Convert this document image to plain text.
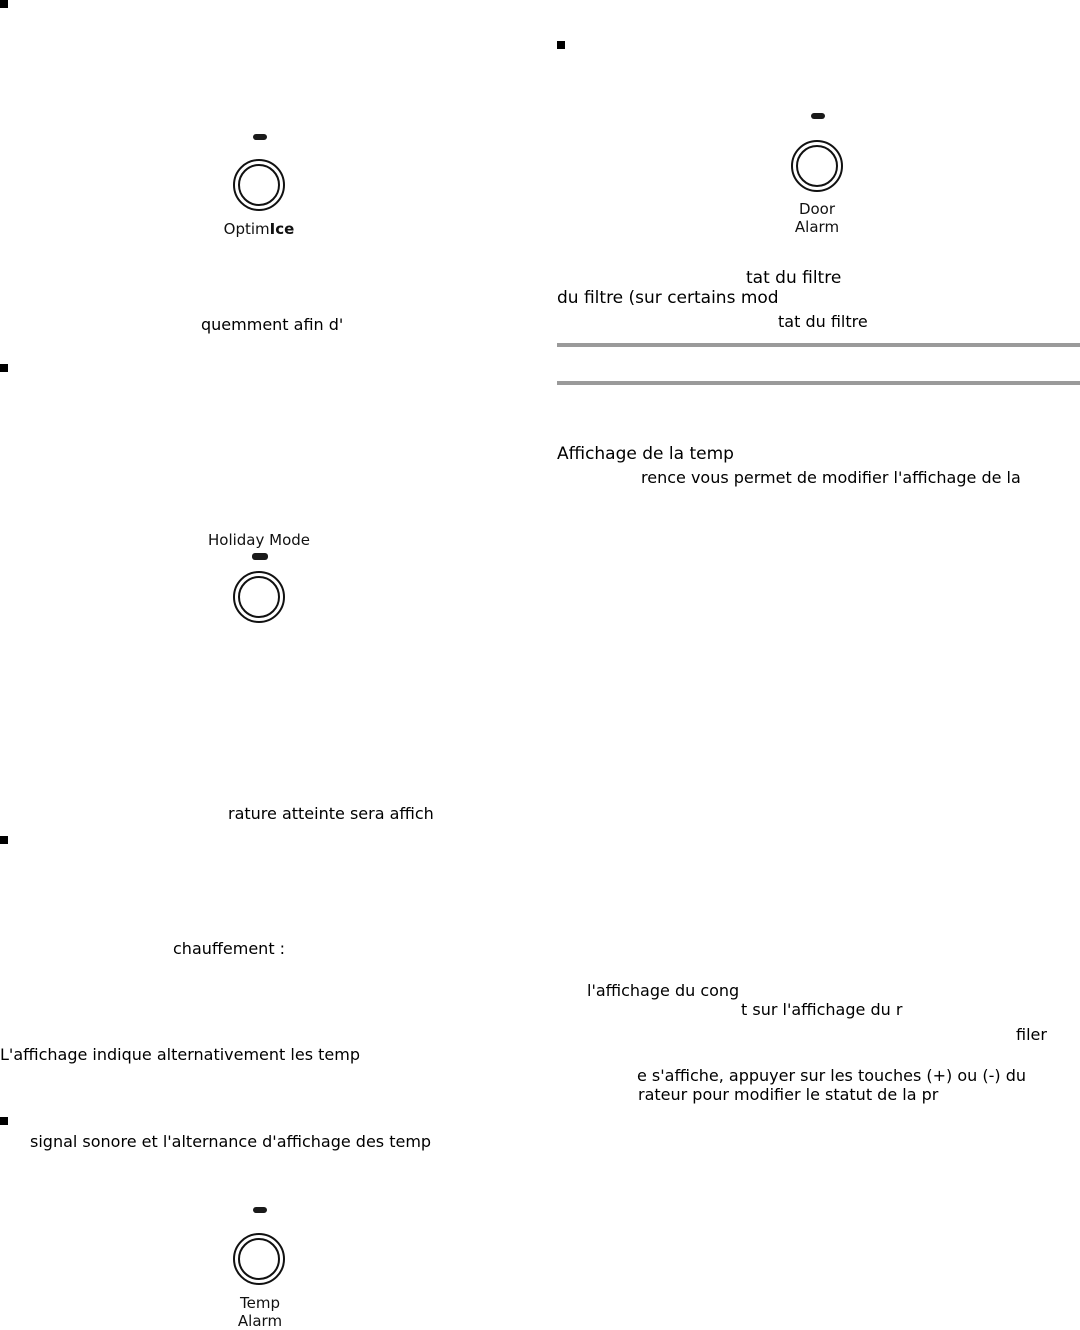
OptimIce
quemment afin d'
Holiday Mode
rature atteinte sera affich
chauffement :
L'affichage indique alternativement les temp
signal sonore et l'alternance d'affichage des temp
Temp
Alarm
Door
Alarm
tat du filtre
du filtre (sur certains mod
tat du filtre
Affichage de la temp
rence vous permet de modifier l'affichage de la
l'affichage du cong
t sur l'affichage du r
filer
e s'affiche, appuyer sur les touches (+) ou (-) du
rateur pour modifier le statut de la pr
